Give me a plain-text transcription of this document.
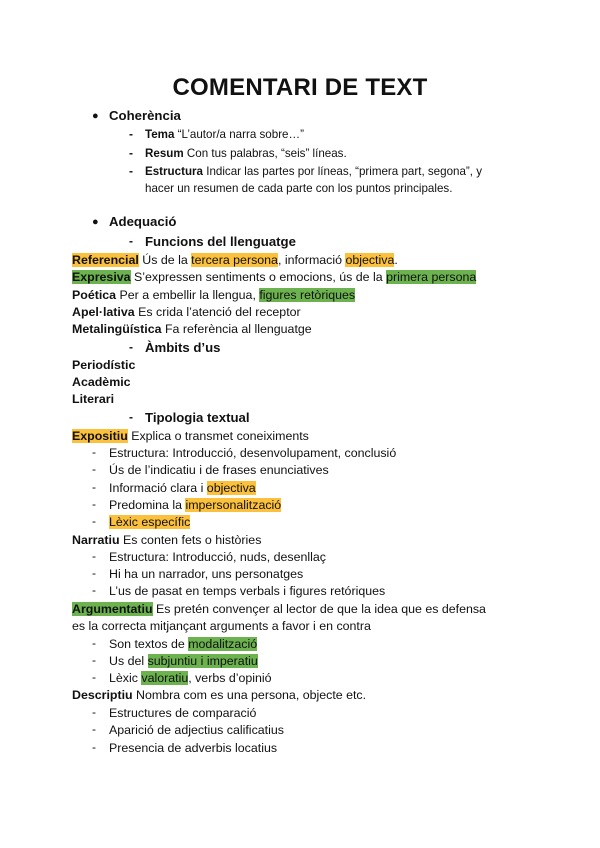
COMENTARI DE TEXT
● Coherència
- Tema “L’autor/a narra sobre…”
- Resum Con tus palabras, “seis” líneas.
- Estructura Indicar las partes por líneas, “primera part, segona”, y
hacer un resumen de cada parte con los puntos principales.
● Adequació
- Funcions del llenguatge
Referencial Ús de la tercera persona, informació objectiva.
Expresiva S’expressen sentiments o emocions, ús de la primera persona
Poética Per a embellir la llengua, figures retòriques
Apel·lativa Es crida l’atenció del receptor
Metalingüística Fa referència al llenguatge
- Àmbits d’us
Periodístic
Acadèmic
Literari
- Tipologia textual
Expositiu Explica o transmet coneiximents
- Estructura: Introducció, desenvolupament, conclusió
- Ús de l’indicatiu i de frases enunciatives
- Informació clara i objectiva
- Predomina la impersonalització
- Lèxic específic
Narratiu Es conten fets o històries
- Estructura: Introducció, nuds, desenllaç
- Hi ha un narrador, uns personatges
- L’us de pasat en temps verbals i figures retóriques
Argumentatiu Es pretén convençer al lector de que la idea que es defensa
es la correcta mitjançant arguments a favor i en contra
- Son textos de modalització
- Us del subjuntiu i imperatiu
- Lèxic valoratiu, verbs d’opinió
Descriptiu Nombra com es una persona, objecte etc.
- Estructures de comparació
- Aparició de adjectius calificatius
- Presencia de adverbis locatius
